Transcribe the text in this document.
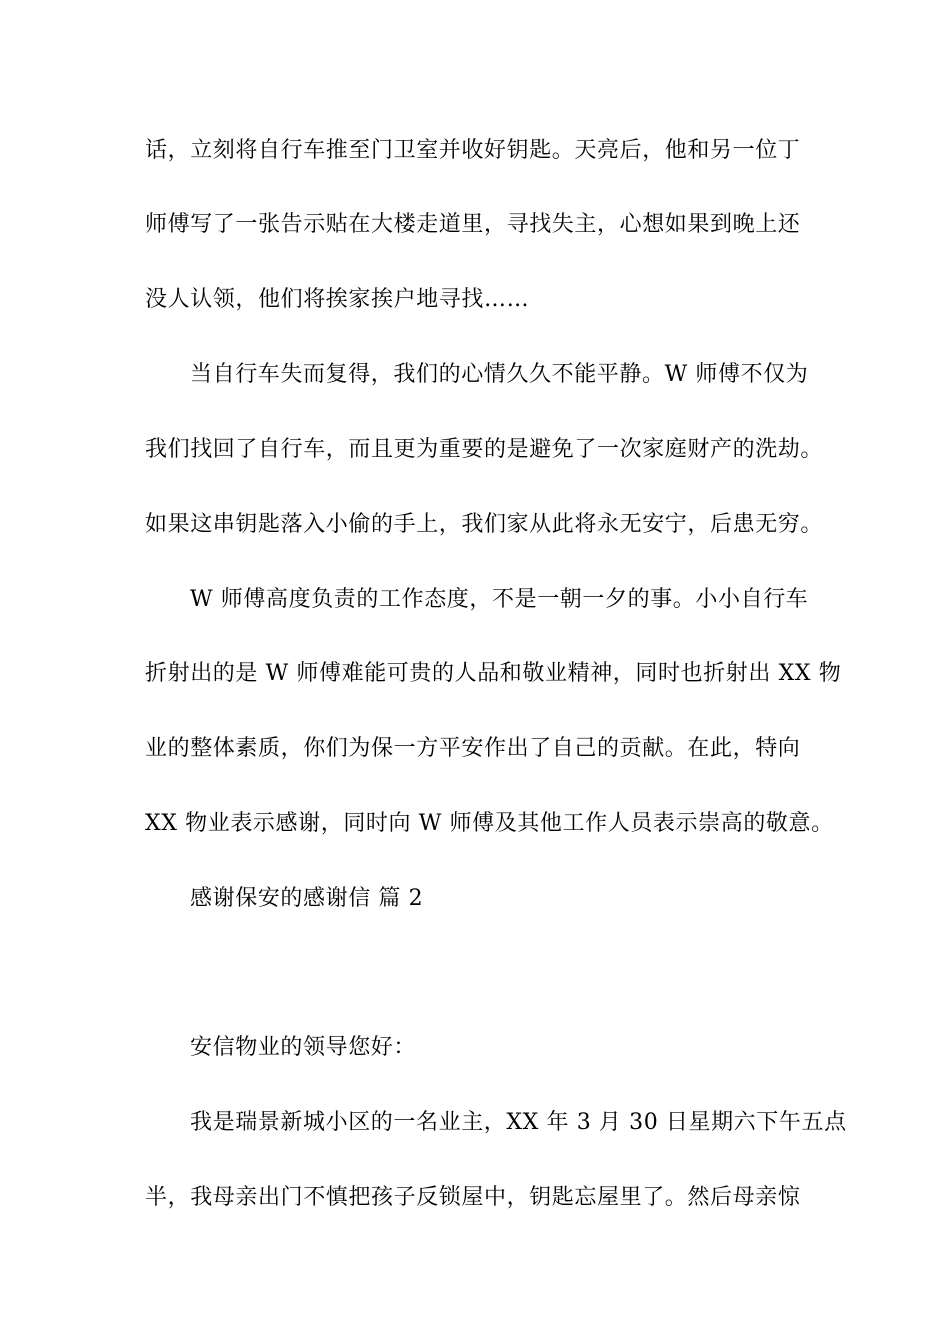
话，立刻将自行车推至门卫室并收好钥匙。天亮后，他和另一位丁
师傅写了一张告示贴在大楼走道里，寻找失主，心想如果到晚上还
没人认领，他们将挨家挨户地寻找……
当自行车失而复得，我们的心情久久不能平静。W 师傅不仅为
我们找回了自行车，而且更为重要的是避免了一次家庭财产的洗劫。
如果这串钥匙落入小偷的手上，我们家从此将永无安宁，后患无穷。
W 师傅高度负责的工作态度，不是一朝一夕的事。小小自行车
折射出的是 W 师傅难能可贵的人品和敬业精神，同时也折射出 XX 物
业的整体素质，你们为保一方平安作出了自己的贡献。在此，特向
XX 物业表示感谢，同时向 W 师傅及其他工作人员表示崇高的敬意。
感谢保安的感谢信 篇 2
安信物业的领导您好：
我是瑞景新城小区的一名业主，XX 年 3 月 30 日星期六下午五点
半，我母亲出门不慎把孩子反锁屋中，钥匙忘屋里了。然后母亲惊
